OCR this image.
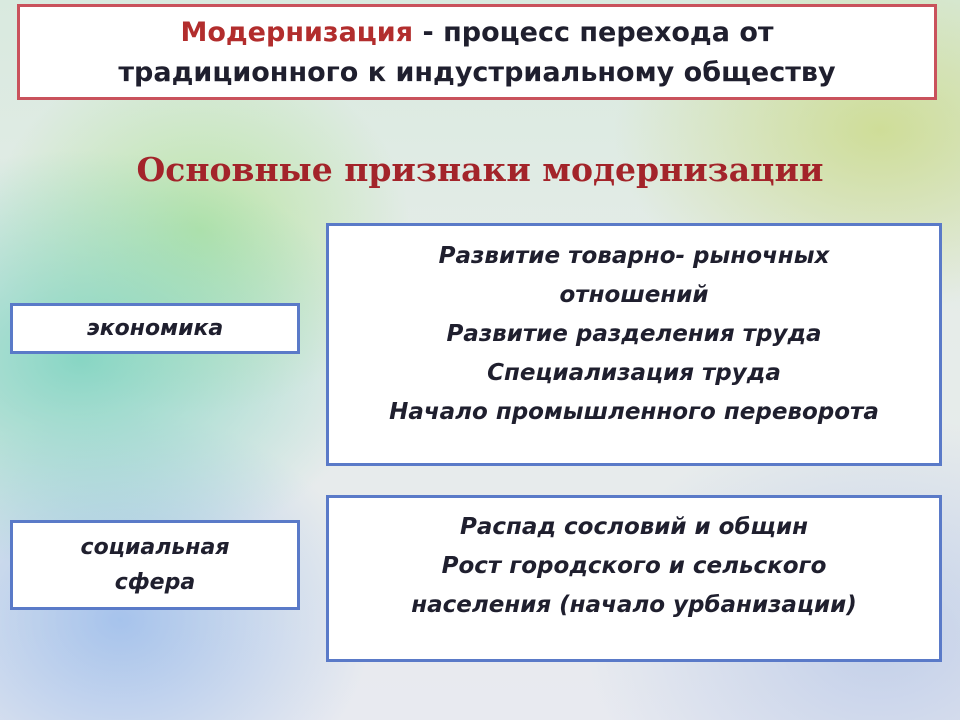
Модернизация - процесс перехода от
традиционного к индустриальному обществу
Основные признаки модернизации
экономика
Развитие товарно- рыночных
отношений
Развитие разделения труда
Специализация труда
Начало промышленного переворота
социальная
сфера
Распад сословий и общин
Рост городского и сельского
населения (начало урбанизации)
